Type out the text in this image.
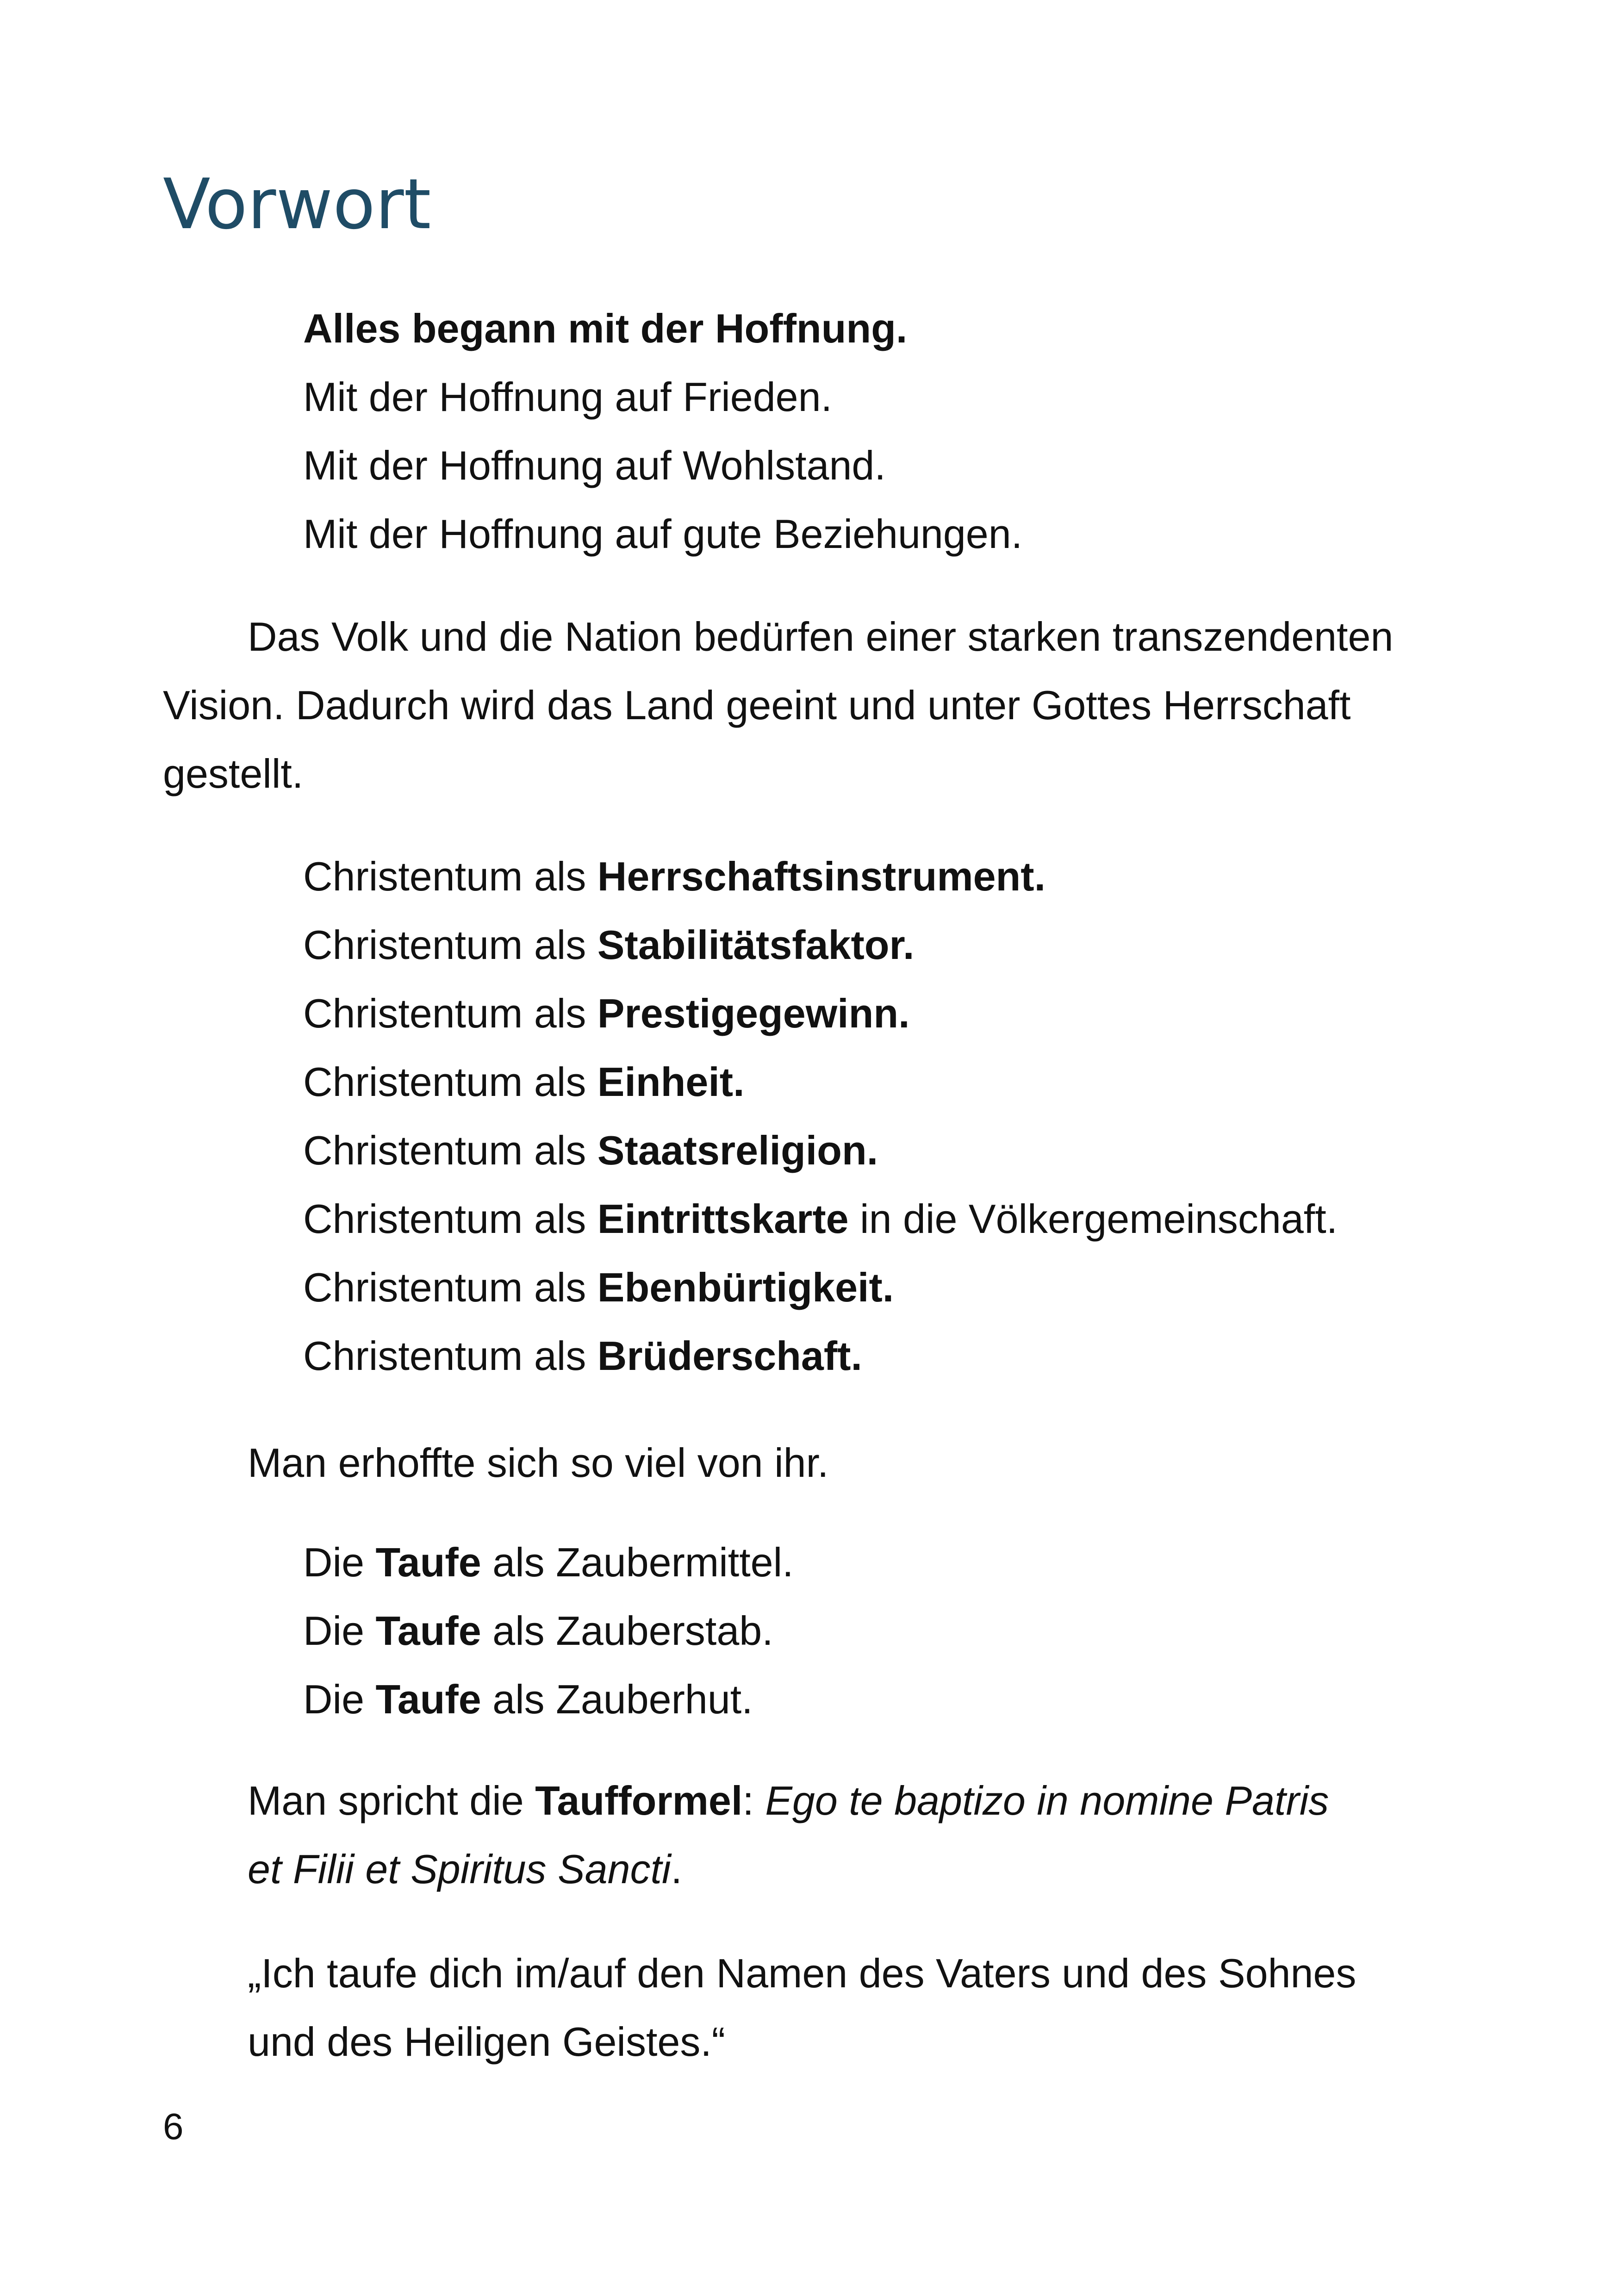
Vorwort

Alles begann mit der Hoffnung.

Mit der Hoffnung auf Frieden.

Mit der Hoffnung auf Wohlstand.

Mit der Hoffnung auf gute Beziehungen.

Das Volk und die Nation bedürfen einer starken transzendenten

Vision. Dadurch wird das Land geeint und unter Gottes Herrschaft

gestellt.

Christentum als Herrschaftsinstrument.

Christentum als Stabilitätsfaktor.

Christentum als Prestigegewinn.

Christentum als Einheit.

Christentum als Staatsreligion.

Christentum als Eintrittskarte in die Völkergemeinschaft.

Christentum als Ebenbürtigkeit.

Christentum als Brüderschaft.

Man erhoffte sich so viel von ihr.

Die Taufe als Zaubermittel.

Die Taufe als Zauberstab.

Die Taufe als Zauberhut.

Man spricht die Taufformel: Ego te baptizo in nomine Patris

et Filii et Spiritus Sancti.

„Ich taufe dich im/auf den Namen des Vaters und des Sohnes

und des Heiligen Geistes.“

6
